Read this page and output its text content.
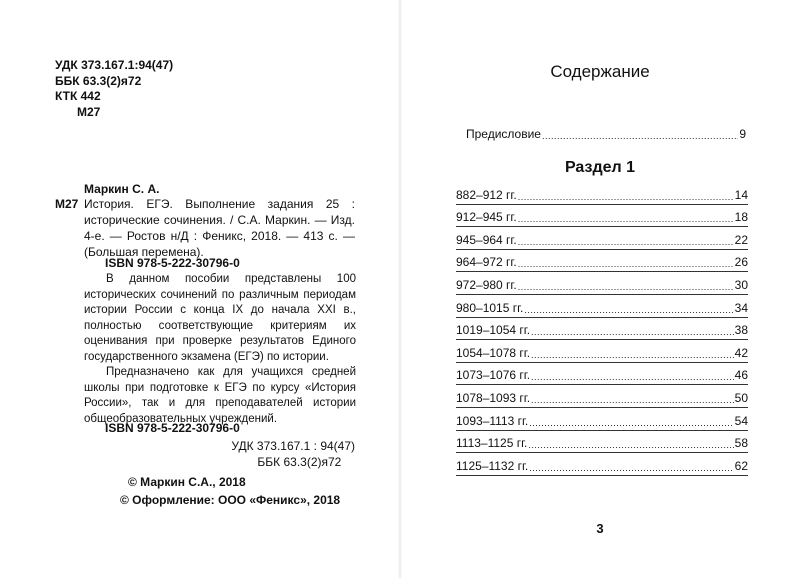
УДК 373.167.1:94(47)
ББК 63.3(2)я72
КТК 442
М27
Маркин С. А.
М27 История. ЕГЭ. Выполнение задания 25 : исторические сочинения. / С.А. Маркин. — Изд. 4-е. — Ростов н/Д : Феникс, 2018. — 413 с. — (Большая перемена).
ISBN 978-5-222-30796-0

В данном пособии представлены 100 исторических сочинений по различным периодам истории России с конца IX до начала XXI в., полностью соответствующие критериям их оценивания при проверке результатов Единого государственного экзамена (ЕГЭ) по истории.

Предназначено как для учащихся средней школы при подготовке к ЕГЭ по курсу «История России», так и для преподавателей истории общеобразовательных учреждений.

ISBN 978-5-222-30796-0
УДК 373.167.1 : 94(47)
ББК 63.3(2)я72
© Маркин С.А., 2018
© Оформление: ООО «Феникс», 2018
Содержание
Предисловие .....	9
Раздел 1
882–912 гг. .....	14
912–945 гг. .....	18
945–964 гг. .....	22
964–972 гг. .....	26
972–980 гг. .....	30
980–1015 гг. .....	34
1019–1054 гг. .....	38
1054–1078 гг. .....	42
1073–1076 гг. .....	46
1078–1093 гг. .....	50
1093–1113 гг. .....	54
1113–1125 гг. .....	58
1125–1132 гг. .....	62
3
